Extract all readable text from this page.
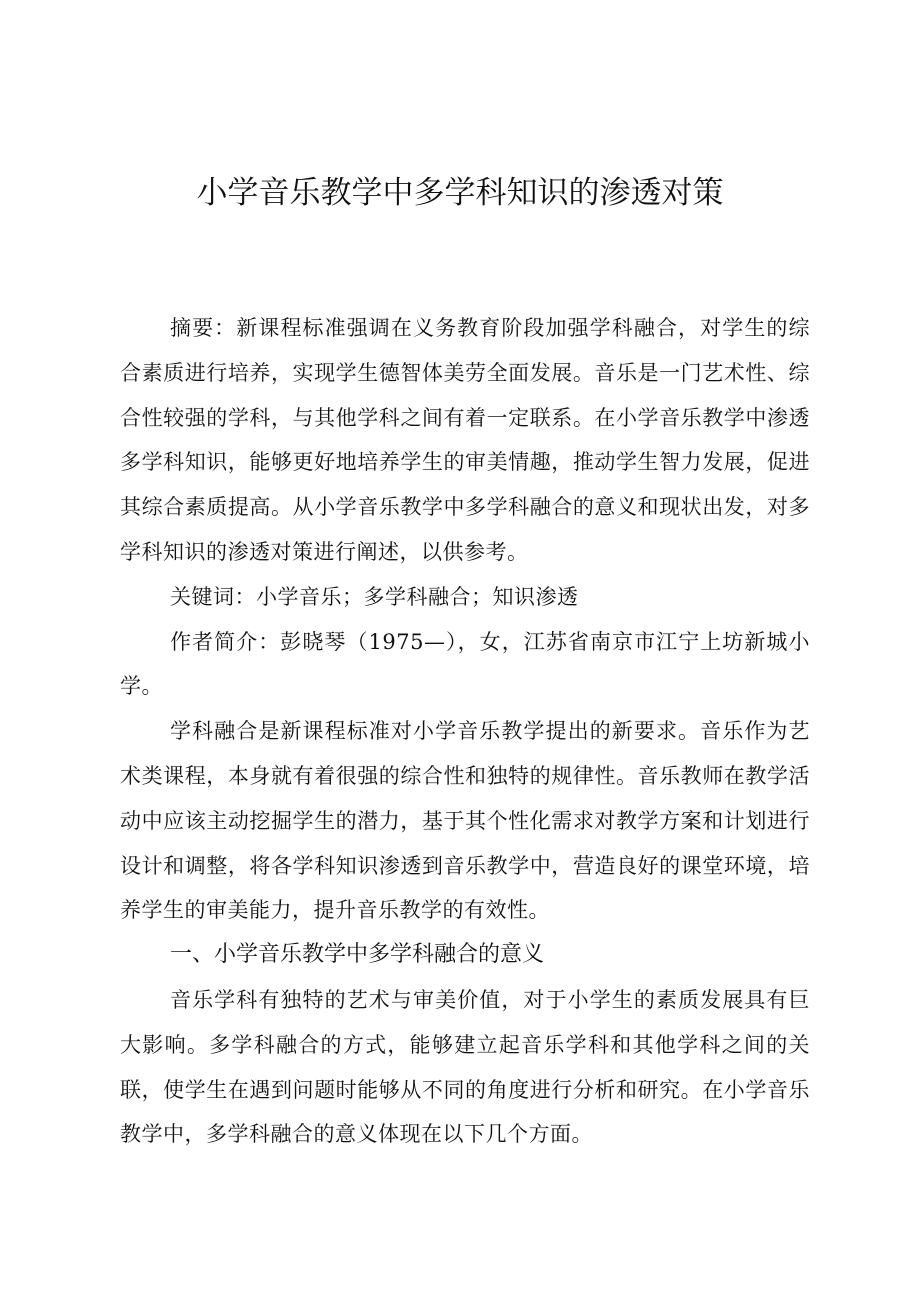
小学音乐教学中多学科知识的渗透对策

摘要：新课程标准强调在义务教育阶段加强学科融合，对学生的综合素质进行培养，实现学生德智体美劳全面发展。音乐是一门艺术性、综合性较强的学科，与其他学科之间有着一定联系。在小学音乐教学中渗透多学科知识，能够更好地培养学生的审美情趣，推动学生智力发展，促进其综合素质提高。从小学音乐教学中多学科融合的意义和现状出发，对多学科知识的渗透对策进行阐述，以供参考。

关键词：小学音乐；多学科融合；知识渗透

作者简介：彭晓琴（1975—），女，江苏省南京市江宁上坊新城小学。

学科融合是新课程标准对小学音乐教学提出的新要求。音乐作为艺术类课程，本身就有着很强的综合性和独特的规律性。音乐教师在教学活动中应该主动挖掘学生的潜力，基于其个性化需求对教学方案和计划进行设计和调整，将各学科知识渗透到音乐教学中，营造良好的课堂环境，培养学生的审美能力，提升音乐教学的有效性。

一、小学音乐教学中多学科融合的意义

音乐学科有独特的艺术与审美价值，对于小学生的素质发展具有巨大影响。多学科融合的方式，能够建立起音乐学科和其他学科之间的关联，使学生在遇到问题时能够从不同的角度进行分析和研究。在小学音乐教学中，多学科融合的意义体现在以下几个方面。
